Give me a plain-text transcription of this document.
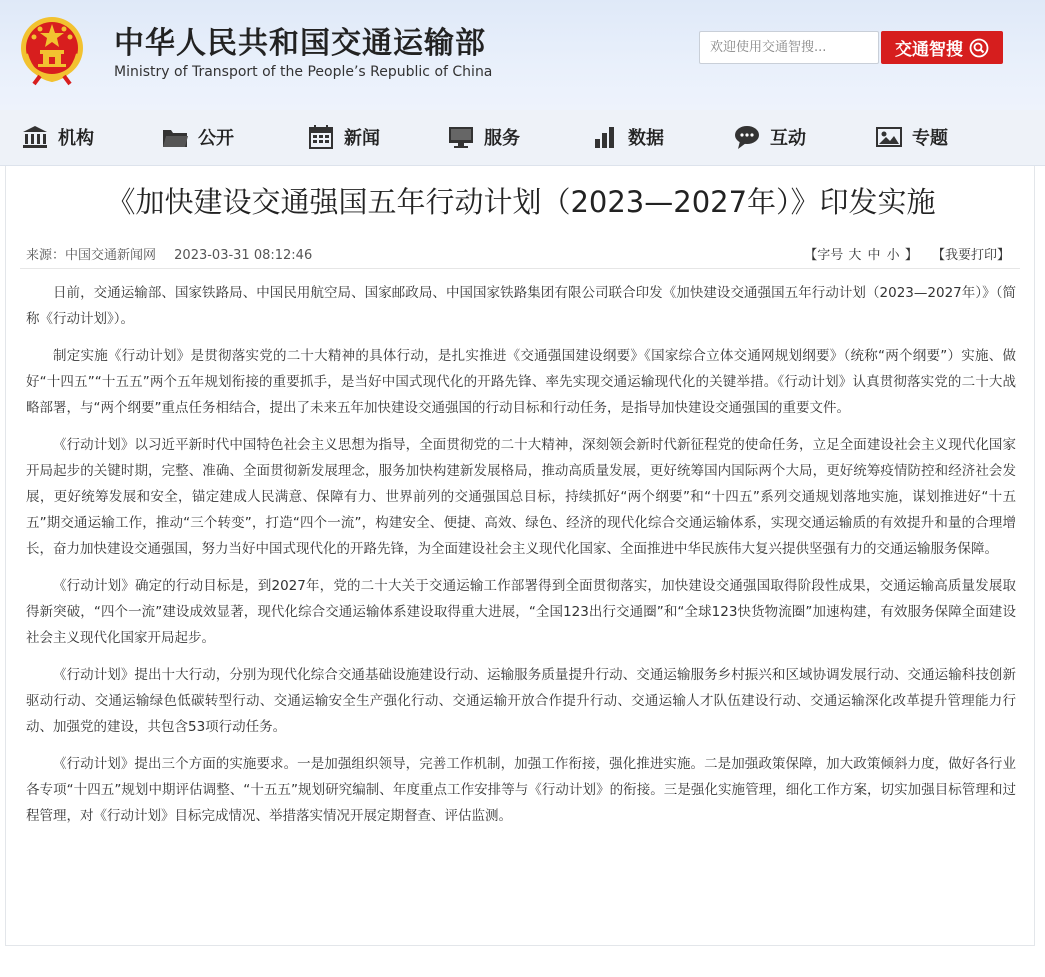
中华人民共和国交通运输部
Ministry of Transport of the People’s Republic of China
欢迎使用交通智搜...
交通智搜
机构	公开	新闻	服务	数据	互动	专题
《加快建设交通强国五年行动计划（2023—2027年）》印发实施
来源：中国交通新闻网 2023-03-31 08:12:46	【字号 大 中 小 】 【我要打印】

日前，交通运输部、国家铁路局、中国民用航空局、国家邮政局、中国国家铁路集团有限公司联合印发《加快建设交通强国五年行动计划（2023—2027年）》（简称《行动计划》）。

制定实施《行动计划》是贯彻落实党的二十大精神的具体行动，是扎实推进《交通强国建设纲要》《国家综合立体交通网规划纲要》（统称“两个纲要”）实施、做好“十四五”“十五五”两个五年规划衔接的重要抓手，是当好中国式现代化的开路先锋、率先实现交通运输现代化的关键举措。《行动计划》认真贯彻落实党的二十大战略部署，与“两个纲要”重点任务相结合，提出了未来五年加快建设交通强国的行动目标和行动任务，是指导加快建设交通强国的重要文件。

《行动计划》以习近平新时代中国特色社会主义思想为指导，全面贯彻党的二十大精神，深刻领会新时代新征程党的使命任务，立足全面建设社会主义现代化国家开局起步的关键时期，完整、准确、全面贯彻新发展理念，服务加快构建新发展格局，推动高质量发展，更好统筹国内国际两个大局，更好统筹疫情防控和经济社会发展，更好统筹发展和安全，锚定建成人民满意、保障有力、世界前列的交通强国总目标，持续抓好“两个纲要”和“十四五”系列交通规划落地实施，谋划推进好“十五五”期交通运输工作，推动“三个转变”，打造“四个一流”，构建安全、便捷、高效、绿色、经济的现代化综合交通运输体系，实现交通运输质的有效提升和量的合理增长，奋力加快建设交通强国，努力当好中国式现代化的开路先锋，为全面建设社会主义现代化国家、全面推进中华民族伟大复兴提供坚强有力的交通运输服务保障。

《行动计划》确定的行动目标是，到2027年，党的二十大关于交通运输工作部署得到全面贯彻落实，加快建设交通强国取得阶段性成果，交通运输高质量发展取得新突破，“四个一流”建设成效显著，现代化综合交通运输体系建设取得重大进展，“全国123出行交通圈”和“全球123快货物流圈”加速构建，有效服务保障全面建设社会主义现代化国家开局起步。

《行动计划》提出十大行动，分别为现代化综合交通基础设施建设行动、运输服务质量提升行动、交通运输服务乡村振兴和区域协调发展行动、交通运输科技创新驱动行动、交通运输绿色低碳转型行动、交通运输安全生产强化行动、交通运输开放合作提升行动、交通运输人才队伍建设行动、交通运输深化改革提升管理能力行动、加强党的建设，共包含53项行动任务。

《行动计划》提出三个方面的实施要求。一是加强组织领导，完善工作机制，加强工作衔接，强化推进实施。二是加强政策保障，加大政策倾斜力度，做好各行业各专项“十四五”规划中期评估调整、“十五五”规划研究编制、年度重点工作安排等与《行动计划》的衔接。三是强化实施管理，细化工作方案，切实加强目标管理和过程管理，对《行动计划》目标完成情况、举措落实情况开展定期督查、评估监测。
